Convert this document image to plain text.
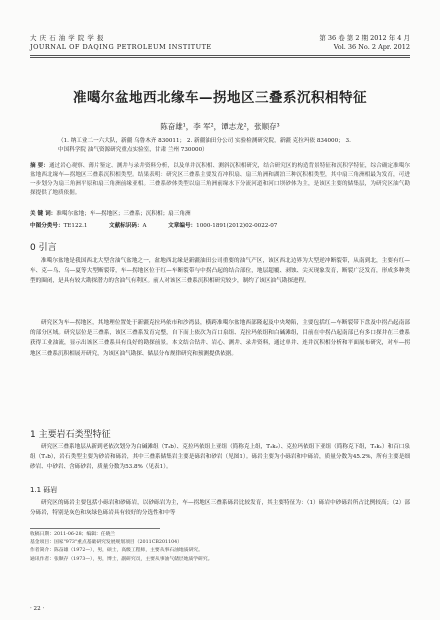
大 庆 石 油 学 院 学 报
JOURNAL OF DAQING PETROLEUM INSTITUTE
第 36 卷 第 2 期 2012 年 4 月
Vol. 36 No. 2 Apr. 2012
准噶尔盆地西北缘车—拐地区三叠系沉积相特征
陈奋雄¹，李 军²，谭志龙²，张顺存³
（1. 纳工业二一六大队，新疆 乌鲁木齐 830011； 2. 新疆油田分公司 实验检测研究院，新疆 克拉玛依 834000； 3.
中国科学院 油气资源研究重点实验室，甘肃 兰州 730000）
摘 要：通过岩心观察、薄片鉴定、测井与录井资料分析，以及单井沉积相、测斜沉积相研究，结合研究区的构造背景特征和沉积学特征，综合确定准噶尔盆地西北缘车—拐地区三叠系沉积相类型。结果表明：研究区三叠系主要发育冲积扇、扇三角洲和湖泊三种沉积相类型，其中扇三角洲相最为发育，可进一步划分为扇三角洲平原和扇三角洲前缘亚相。三叠系砂体类型以扇三角洲前缘水下分流河道和河口坝砂体为主，是该区主要的储集层，为研究区油气勘探提供了地质依据。
关 键 词：准噶尔盆地；车—拐地区；三叠系；沉积相；扇三角洲
中图分类号：TE122.1	文献标识码：A	文章编号：1000-1891(2012)02-0022-07
0 引言
准噶尔盆地是我国西北大型含油气盆地之一，盆地西北缘是新疆油田公司重要的油气产区，该区西北边界为大型逆冲断裂带，从南到北，主要有红—车、克—乌、乌—夏等大型断裂带，车—拐地区位于红—车断裂带与中拐凸起的结合部位，地层超覆、剥蚀、尖灭现象发育，断裂广泛发育，形成多种类型的圈闭，是具有较大勘探潜力的含油气有利区。前人对该区三叠系沉积相研究较少，制约了该区油气勘探进程。
研究区为车—拐地区，其地理位置处于新疆克拉玛依市和沙湾县，横跨准噶尔盆地西部隆起及中央坳陷，主要包括红—车断裂带下盘及中拐凸起南部的部分区域。研究层位是三叠系，该区三叠系发育完整，自下而上依次为百口泉组、克拉玛依组和白碱滩组，目前在中拐凸起南部已有多口探井在三叠系获得工业油流，显示出该区三叠系具有良好的勘探前景。本文结合钻井、岩心、测井、录井资料，通过单井、连井沉积相分析和平面展布研究，对车—拐地区三叠系沉积相展开研究，为该区油气勘探、储层分布规律研究和预测提供依据。
1 主要岩石类型特征
研究区三叠系地层从新到老依次划分为白碱滩组（T₃b）、克拉玛依组上亚组（简称克上组，T₂k₂）、克拉玛依组下亚组（简称克下组，T₂k₁）和百口泉组（T₁b），岩石类型主要为砂岩和砾岩，其中三叠系储集岩主要是砾岩和砂岩（见图1）。砾岩主要为小砾岩和中砾岩，质量分数为45.2%，所有主要是细砂岩、中砂岩、含砾砂岩，质量分数为53.8%（见表1）。
1.1 砾岩
研究区的砾岩主要包括小砾岩和砂砾岩，以砂砾岩为主，车—拐地区三叠系砾岩比较发育，其主要特征为：（1）砾岩中砂砾岩所占比例较高；（2）部分砾岩，特别是灰色和灰绿色砾岩具有较好的分选性和中等
收稿日期：2011-06-28；编辑：任晓兰
基金项目：国家"973"重点基础研究发展规划项目（2011CB201104）
作者简介：陈奋雄（1972—），男，硕士，高级工程师，主要从事石油地质研究。
通讯作者：张顺存（1973—），男，博士，副研究员，主要从事油气储层地质学研究。
· 22 ·
